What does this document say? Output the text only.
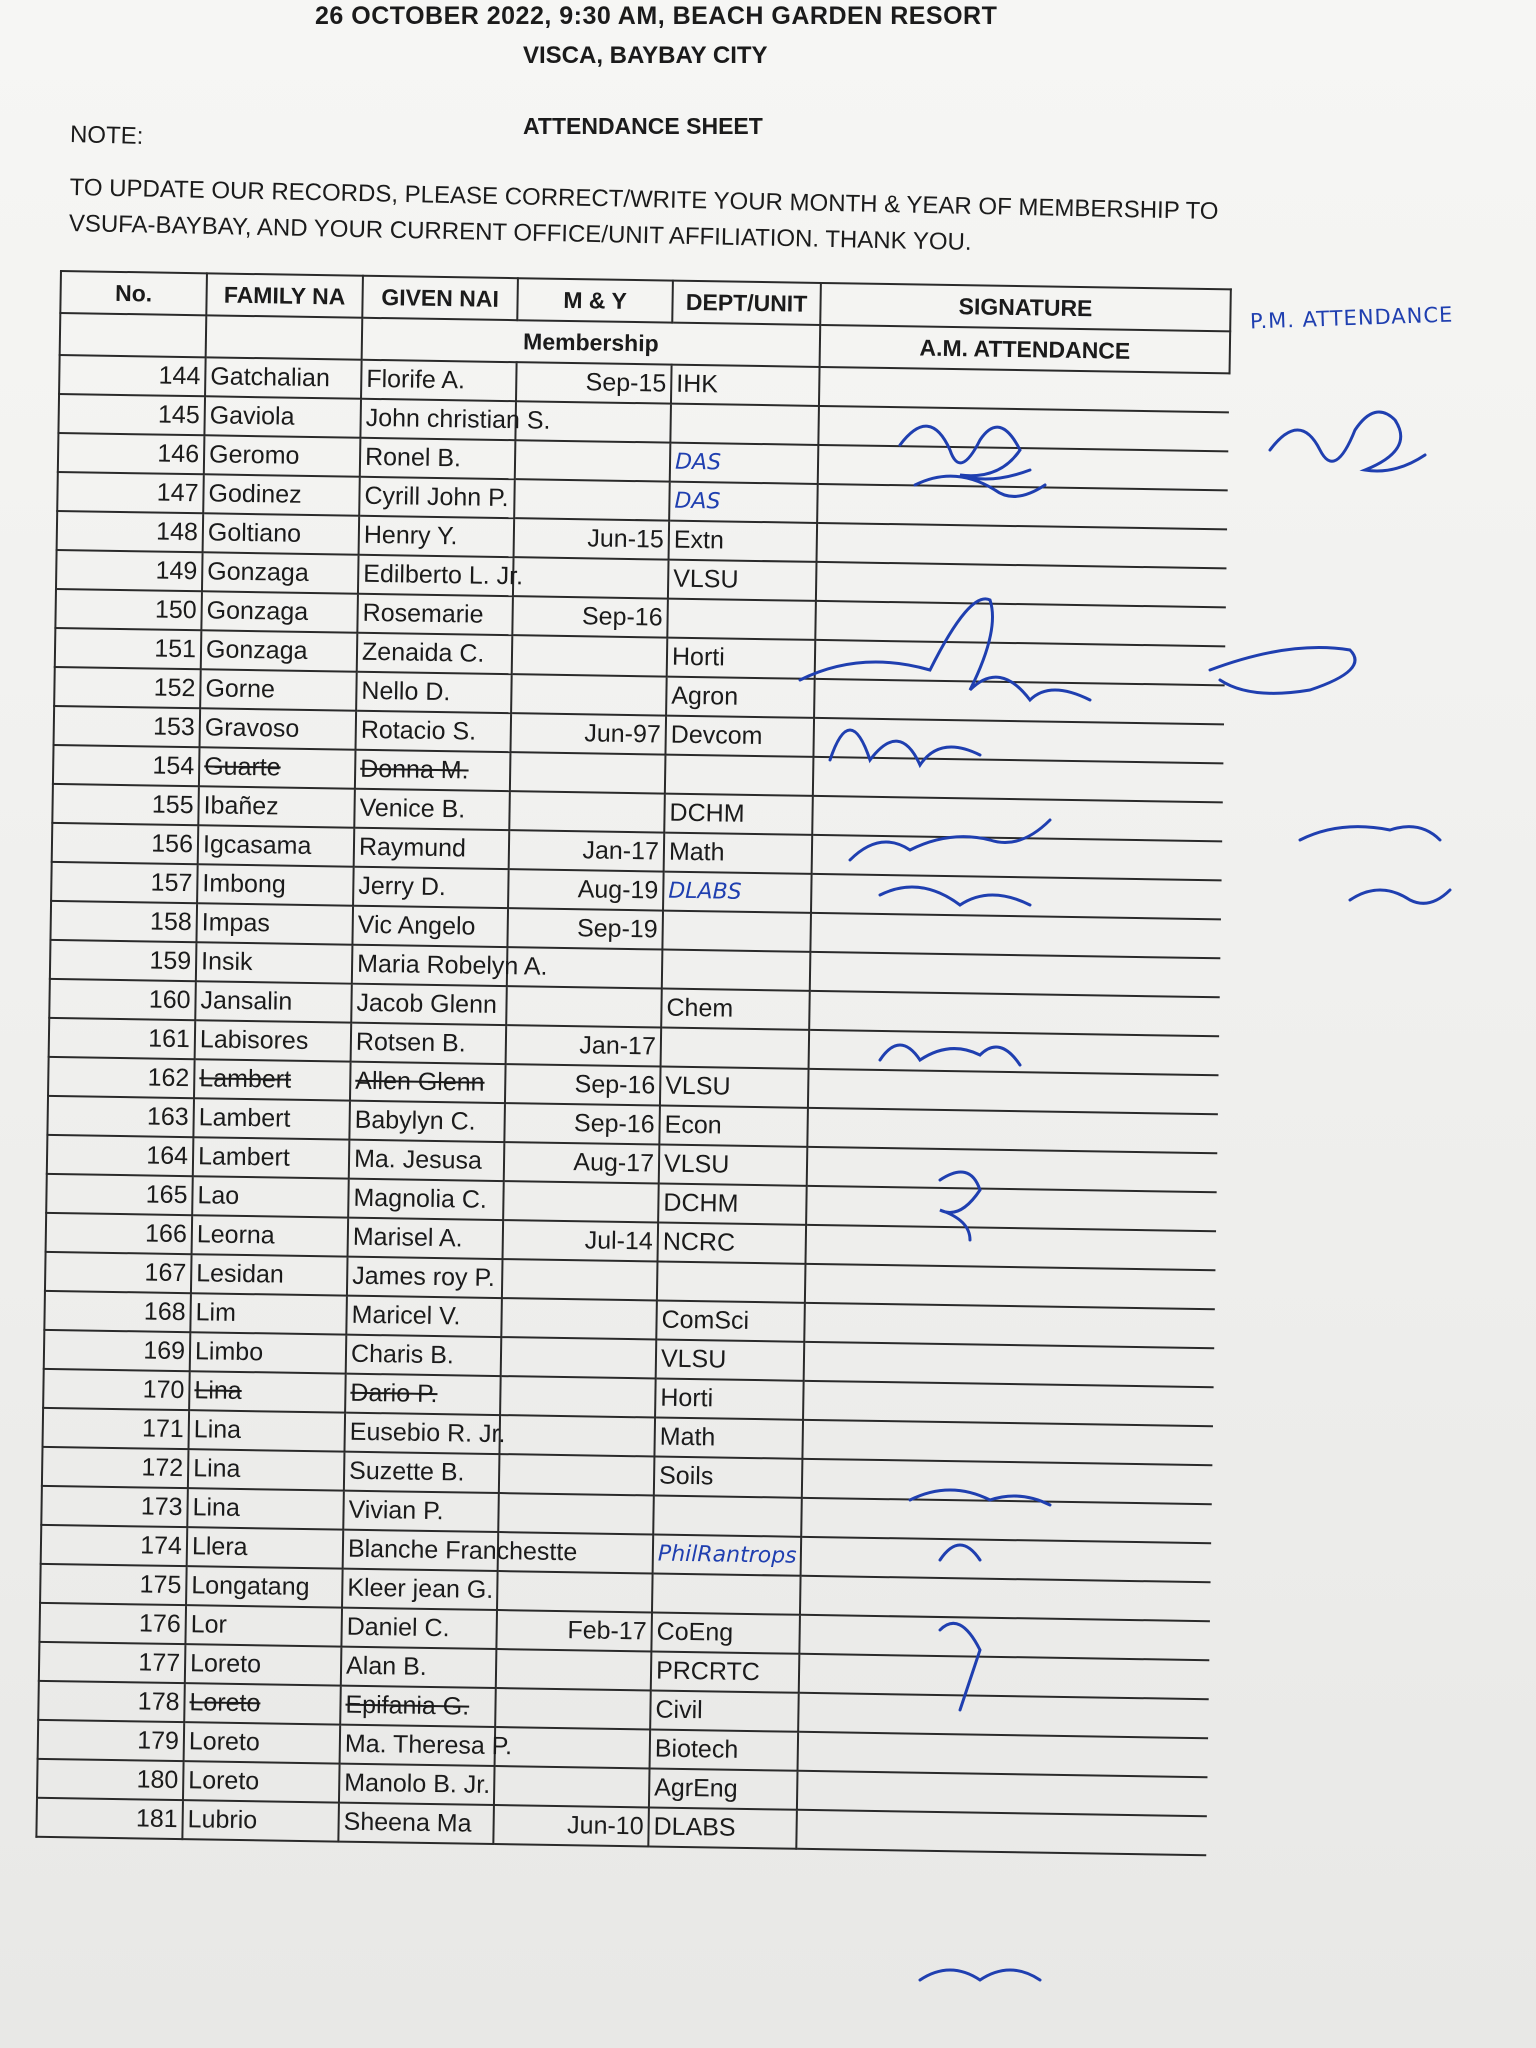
26 OCTOBER 2022, 9:30 AM, BEACH GARDEN RESORT
VISCA, BAYBAY CITY
NOTE:	ATTENDANCE SHEET
TO UPDATE OUR RECORDS, PLEASE CORRECT/WRITE YOUR MONTH & YEAR OF MEMBERSHIP TO VSUFA-BAYBAY, AND YOUR CURRENT OFFICE/UNIT AFFILIATION. THANK YOU.
P.M. ATTENDANCE
No.	FAMILY NA	GIVEN NAI	M & Y	DEPT/UNIT	SIGNATURE
		Membership			A.M. ATTENDANCE
144	Gatchalian	Florife A.	Sep-15	IHK	
145	Gaviola	John christian S.			
146	Geromo	Ronel B.		DAS	
147	Godinez	Cyrill John P.		DAS	
148	Goltiano	Henry Y.	Jun-15	Extn	
149	Gonzaga	Edilberto L. Jr.		VLSU	
150	Gonzaga	Rosemarie	Sep-16		
151	Gonzaga	Zenaida C.		Horti	
152	Gorne	Nello D.		Agron	
153	Gravoso	Rotacio S.	Jun-97	Devcom	
154	Guarte	Donna M.			
155	Ibañez	Venice B.		DCHM	
156	Igcasama	Raymund	Jan-17	Math	
157	Imbong	Jerry D.	Aug-19	DLABS	
158	Impas	Vic Angelo	Sep-19		
159	Insik	Maria Robelyn A.			
160	Jansalin	Jacob Glenn		Chem	
161	Labisores	Rotsen B.	Jan-17		
162	Lambert	Allen Glenn	Sep-16	VLSU	
163	Lambert	Babylyn C.	Sep-16	Econ	
164	Lambert	Ma. Jesusa	Aug-17	VLSU	
165	Lao	Magnolia C.		DCHM	
166	Leorna	Marisel A.	Jul-14	NCRC	
167	Lesidan	James roy P.			
168	Lim	Maricel V.		ComSci	
169	Limbo	Charis B.		VLSU	
170	Lina	Dario P.		Horti	
171	Lina	Eusebio R. Jr.		Math	
172	Lina	Suzette B.		Soils	
173	Lina	Vivian P.			
174	Llera	Blanche Franchestte		PhilRantrops	
175	Longatang	Kleer jean G.			
176	Lor	Daniel C.	Feb-17	CoEng	
177	Loreto	Alan B.		PRCRTC	
178	Loreto	Epifania G.		Civil	
179	Loreto	Ma. Theresa P.		Biotech	
180	Loreto	Manolo B. Jr.		AgrEng	
181	Lubrio	Sheena Ma	Jun-10	DLABS	
